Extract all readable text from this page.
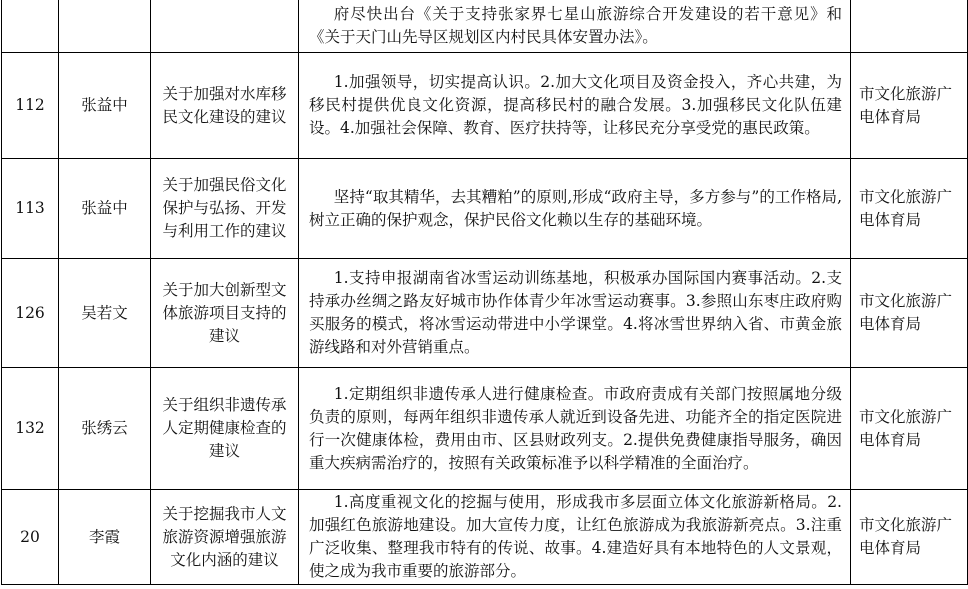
			府尽快出台《关于支持张家界七星山旅游综合开发建设的若干意见》和《关于天门山先导区规划区内村民具体安置办法》。	
112	张益中	关于加强对水库移民文化建设的建议	1.加强领导，切实提高认识。2.加大文化项目及资金投入，齐心共建，为移民村提供优良文化资源，提高移民村的融合发展。3.加强移民文化队伍建设。4.加强社会保障、教育、医疗扶持等，让移民充分享受党的惠民政策。	市文化旅游广电体育局
113	张益中	关于加强民俗文化保护与弘扬、开发与利用工作的建议	坚持“取其精华，去其糟粕”的原则,形成“政府主导，多方参与”的工作格局,树立正确的保护观念，保护民俗文化赖以生存的基础环境。	市文化旅游广电体育局
126	吴若文	关于加大创新型文体旅游项目支持的建议	1.支持申报湖南省冰雪运动训练基地，积极承办国际国内赛事活动。2.支持承办丝绸之路友好城市协作体青少年冰雪运动赛事。3.参照山东枣庄政府购买服务的模式，将冰雪运动带进中小学课堂。4.将冰雪世界纳入省、市黄金旅游线路和对外营销重点。	市文化旅游广电体育局
132	张绣云	关于组织非遗传承人定期健康检查的建议	1.定期组织非遗传承人进行健康检查。市政府责成有关部门按照属地分级负责的原则，每两年组织非遗传承人就近到设备先进、功能齐全的指定医院进行一次健康体检，费用由市、区县财政列支。2.提供免费健康指导服务，确因重大疾病需治疗的，按照有关政策标准予以科学精准的全面治疗。	市文化旅游广电体育局
20	李霞	关于挖掘我市人文旅游资源增强旅游文化内涵的建议	1.高度重视文化的挖掘与使用，形成我市多层面立体文化旅游新格局。2.加强红色旅游地建设。加大宣传力度，让红色旅游成为我旅游新亮点。3.注重广泛收集、整理我市特有的传说、故事。4.建造好具有本地特色的人文景观，使之成为我市重要的旅游部分。	市文化旅游广电体育局
